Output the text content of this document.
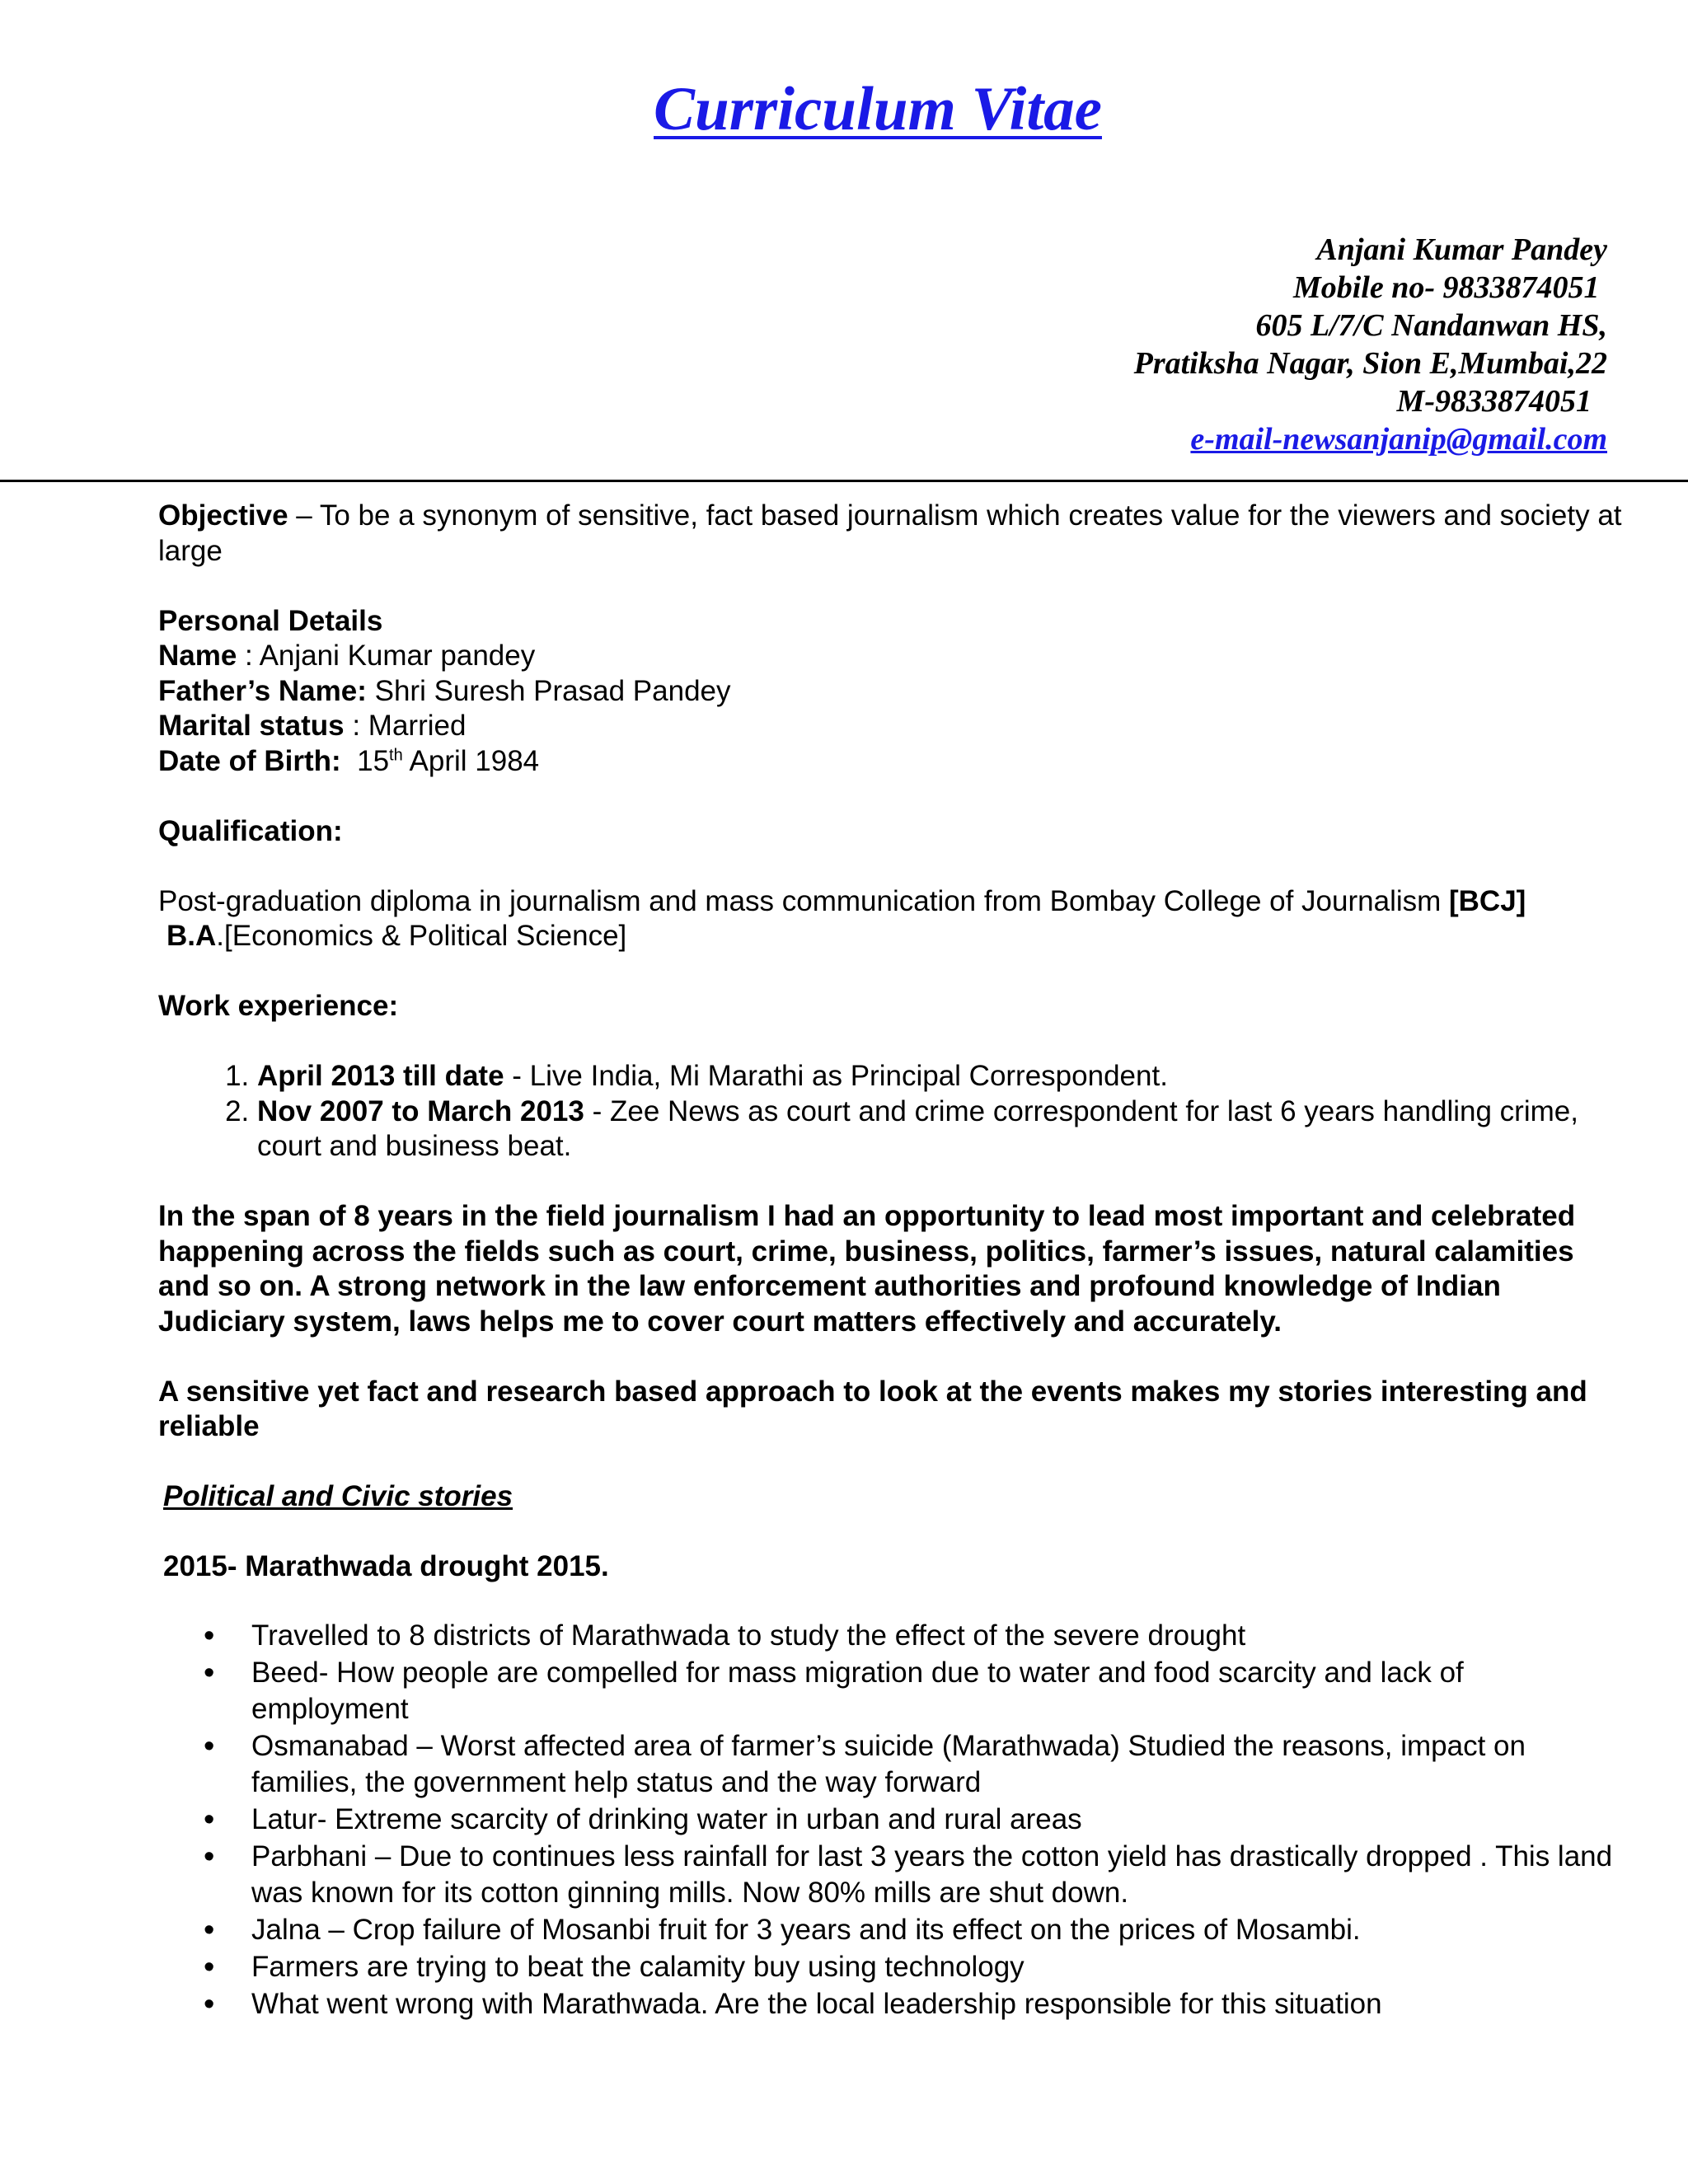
Curriculum Vitae
Anjani Kumar Pandey
Mobile no- 9833874051
605 L/7/C Nandanwan HS,
Pratiksha Nagar, Sion E,Mumbai,22
M-9833874051
e-mail-newsanjanip@gmail.com

Objective – To be a synonym of sensitive, fact based journalism which creates value for the viewers and society at large

Personal Details

Name : Anjani Kumar pandey

Father’s Name: Shri Suresh Prasad Pandey

Marital status : Married

Date of Birth: 15th April 1984

Qualification:

Post-graduation diploma in journalism and mass communication from Bombay College of Journalism [BCJ]

B.A.[Economics & Political Science]

Work experience:

1. April 2013 till date - Live India, Mi Marathi as Principal Correspondent.
2. Nov 2007 to March 2013 - Zee News as court and crime correspondent for last 6 years handling crime, court and business beat.

In the span of 8 years in the field journalism I had an opportunity to lead most important and celebrated happening across the fields such as court, crime, business, politics, farmer’s issues, natural calamities and so on. A strong network in the law enforcement authorities and profound knowledge of Indian Judiciary system, laws helps me to cover court matters effectively and accurately.

A sensitive yet fact and research based approach to look at the events makes my stories interesting and reliable

Political and Civic stories

2015- Marathwada drought 2015.

• Travelled to 8 districts of Marathwada to study the effect of the severe drought
• Beed- How people are compelled for mass migration due to water and food scarcity and lack of employment
• Osmanabad – Worst affected area of farmer’s suicide (Marathwada) Studied the reasons, impact on families, the government help status and the way forward
• Latur- Extreme scarcity of drinking water in urban and rural areas
• Parbhani – Due to continues less rainfall for last 3 years the cotton yield has drastically dropped . This land was known for its cotton ginning mills. Now 80% mills are shut down.
• Jalna – Crop failure of Mosanbi fruit for 3 years and its effect on the prices of Mosambi.
• Farmers are trying to beat the calamity buy using technology
• What went wrong with Marathwada. Are the local leadership responsible for this situation
